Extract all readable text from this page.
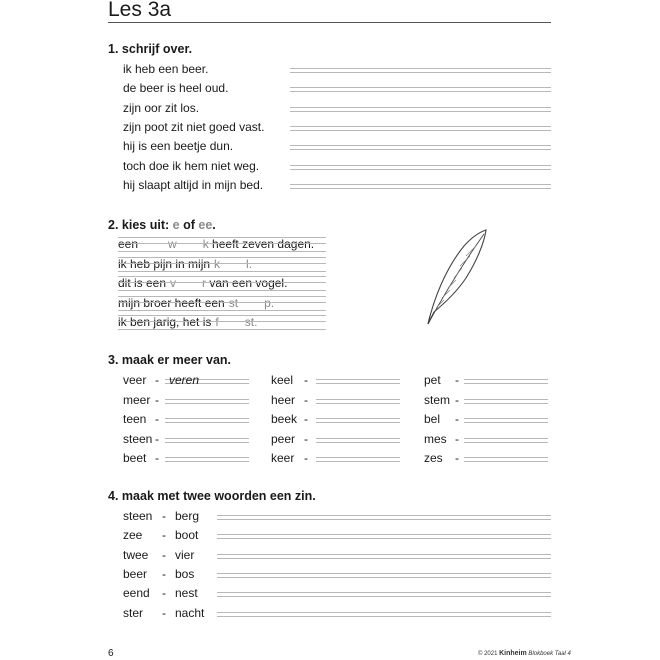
Les 3a
1. schrijf over.
ik heb een beer.
de beer is heel oud.
zijn oor zit los.
zijn poot zit niet goed vast.
hij is een beetje dun.
toch doe ik hem niet weg.
hij slaapt altijd in mijn bed.
2. kies uit: e of ee.
een	w k heeft zeven dagen.
ik heb pijn in mijn k l.
dit is een v r van een vogel.
mijn broer heeft een st p.
ik ben jarig, het is f st.
3. maak er meer van.
veer - veren
meer -
teen -
steen -
beet -
keel -
heer -
beek -
peer -
keer -
pet -
stem -
bel -
mes -
zes -
4. maak met twee woorden een zin.
steen - berg
zee - boot
twee - vier
beer - bos
eend - nest
ster - nacht
6	© 2021 Kinheim Blokboek Taal 4
